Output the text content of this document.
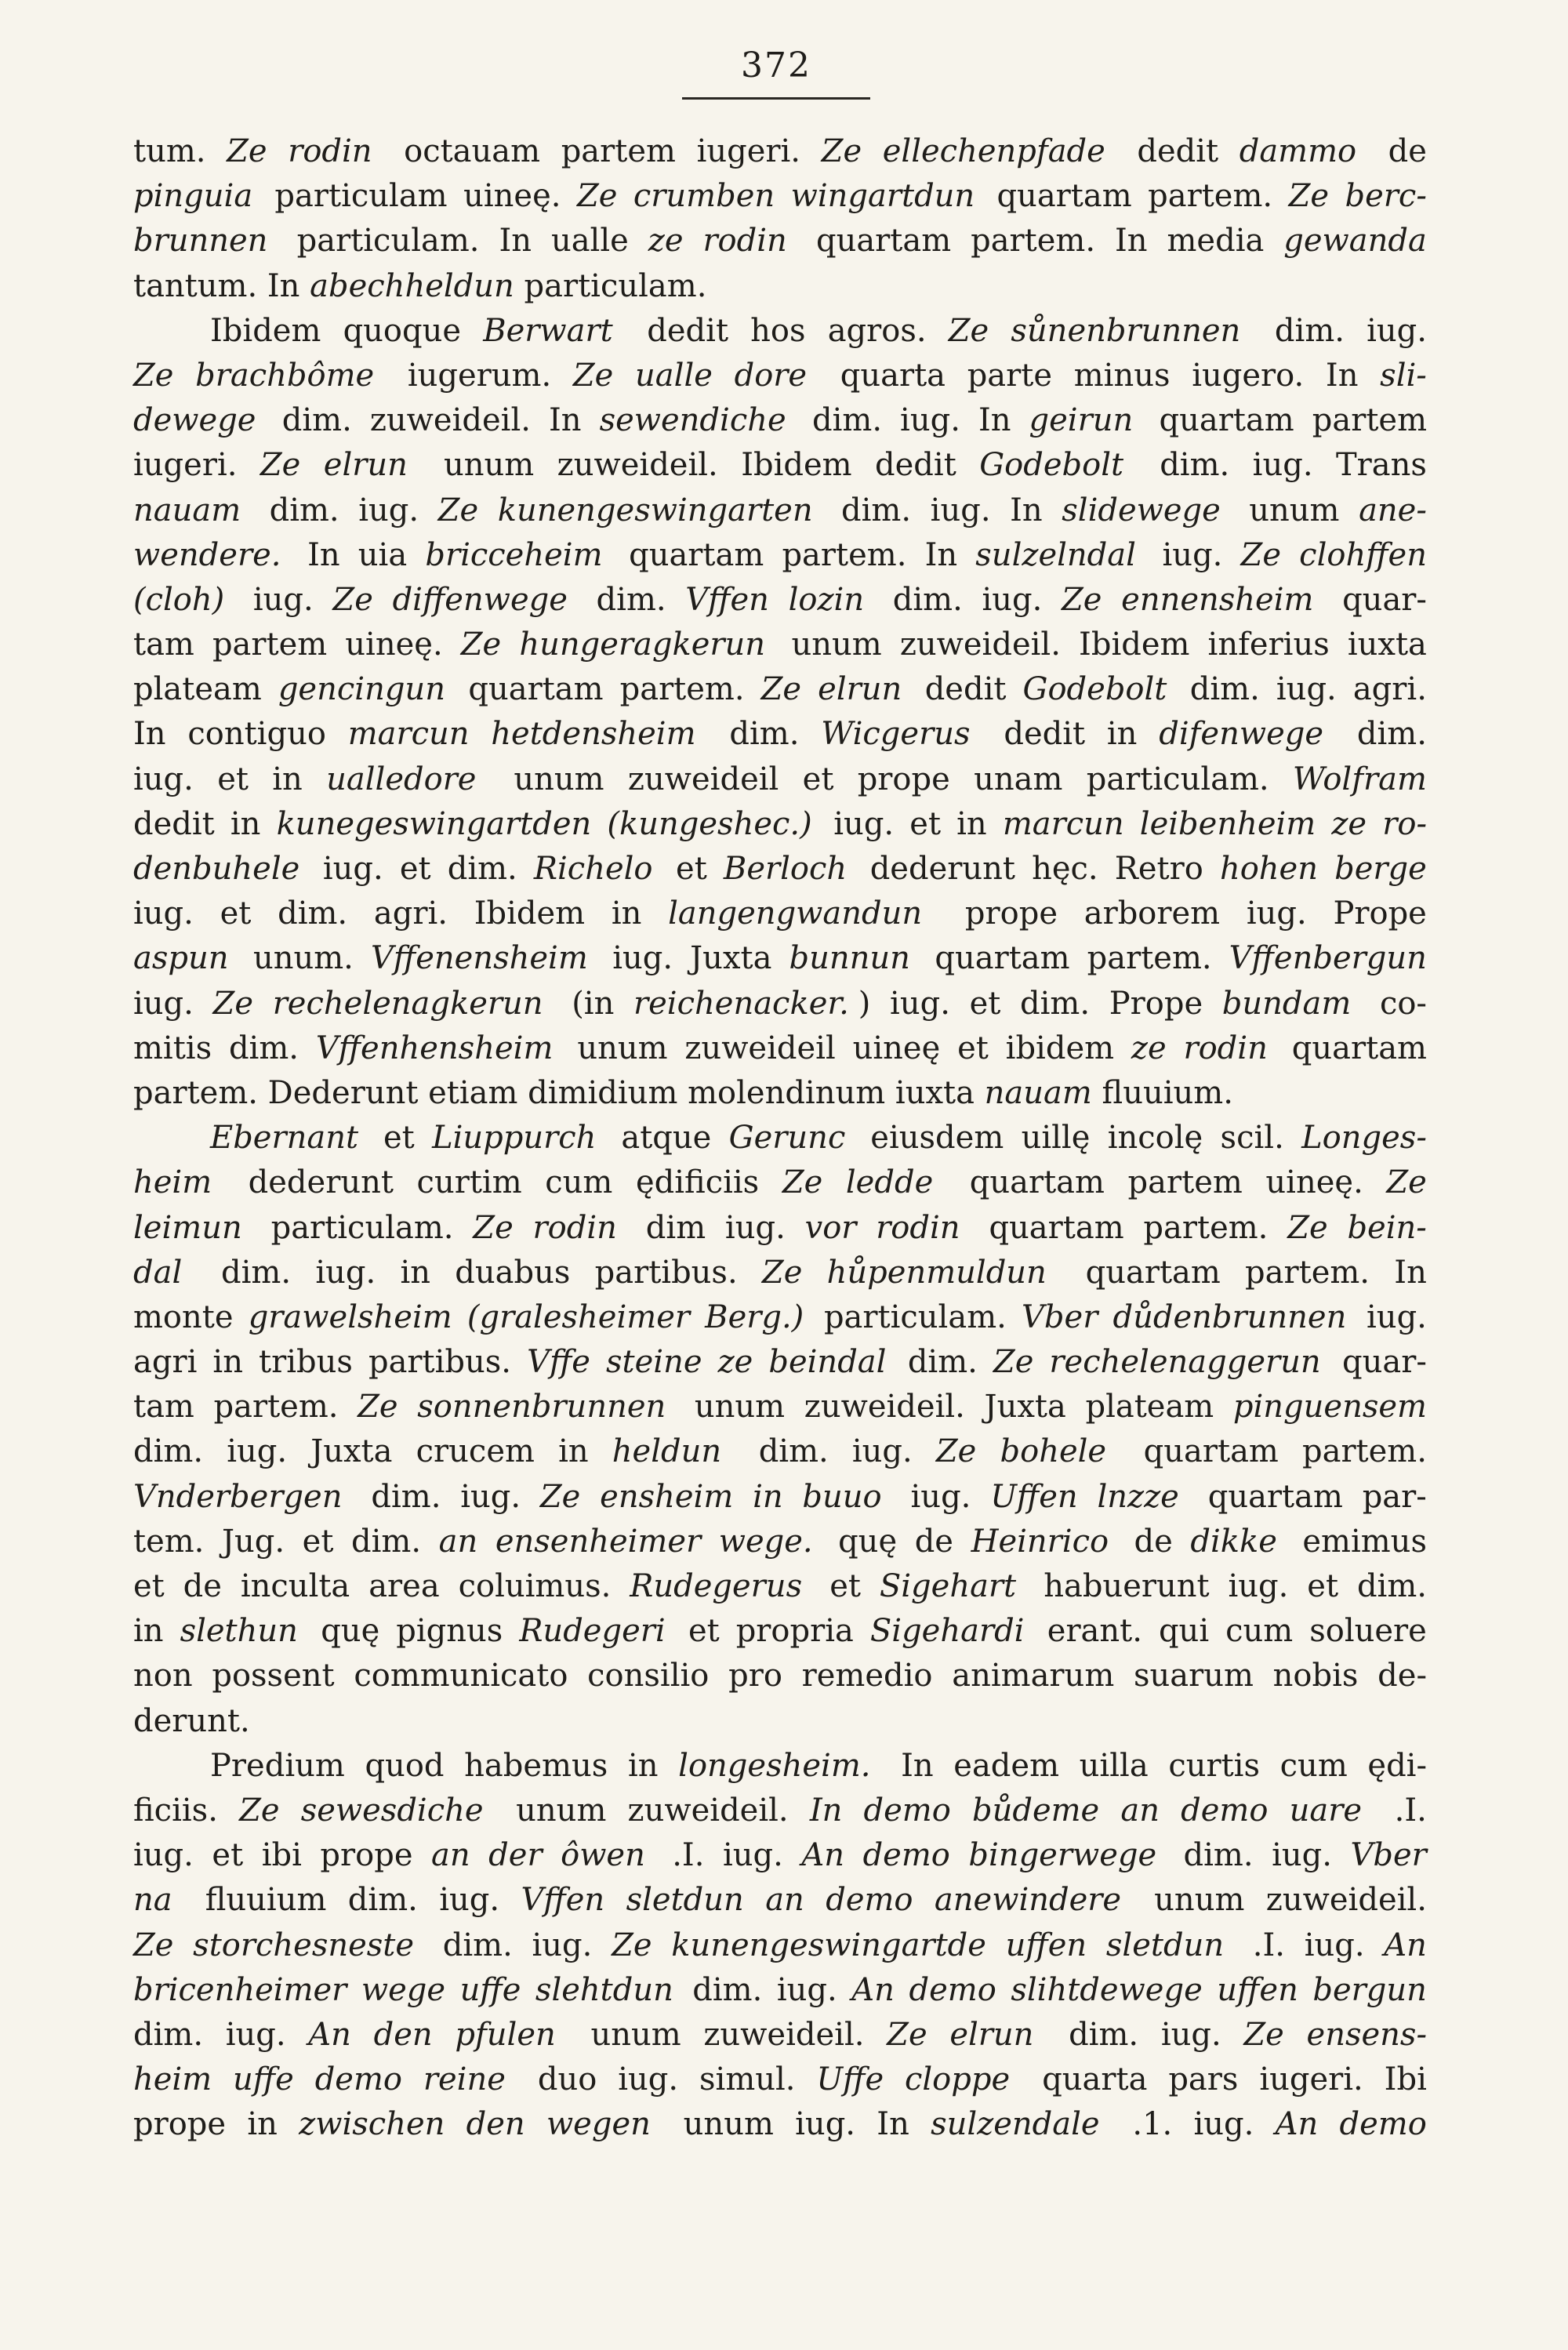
372
tum. Ze rodin
octauam partem iugeri. Ze ellechenpfade
dedit dammo
de
pinguia
particulam uineę. Ze crumben wingartdun
quartam partem. Ze berc-
brunnen
particulam. In ualle ze rodin
quartam partem. In media gewanda
tantum. In abechheldun particulam.
Ibidem quoque Berwart
dedit hos agros. Ze sůnenbrunnen
dim. iug.
Ze brachbôme
iugerum. Ze ualle dore
quarta parte minus iugero. In sli-
dewege
dim. zuweideil. In sewendiche
dim. iug. In geirun
quartam partem
iugeri. Ze elrun
unum zuweideil. Ibidem dedit Godebolt
dim. iug. Trans
nauam
dim. iug. Ze kunengeswingarten
dim. iug. In slidewege
unum ane-
wendere.
In uia bricceheim
quartam partem. In sulzelndal
iug. Ze clohffen
(cloh)
iug. Ze diffenwege
dim. Vffen lozin
dim. iug. Ze ennensheim
quar-
tam partem uineę. Ze hungeragkerun
unum zuweideil. Ibidem inferius iuxta
plateam gencingun
quartam partem. Ze elrun
dedit Godebolt
dim. iug. agri.
In contiguo marcun hetdensheim
dim. Wicgerus
dedit in difenwege
dim.
iug. et in ualledore
unum zuweideil et prope unam particulam. Wolfram
dedit in kunegeswingartden (kungeshec.)
iug. et in marcun leibenheim ze ro-
denbuhele
iug. et dim. Richelo
et Berloch
dederunt hęc. Retro hohen berge
iug. et dim. agri. Ibidem in langengwandun
prope arborem iug. Prope
aspun
unum. Vffenensheim
iug. Juxta bunnun
quartam partem. Vffenbergun
iug. Ze rechelenagkerun
(in reichenacker. ) iug. et dim. Prope bundam
co-
mitis dim. Vffenhensheim
unum zuweideil uineę et ibidem ze rodin
quartam
partem. Dederunt etiam dimidium molendinum iuxta nauam fluuium.
Ebernant
et Liuppurch
atque Gerunc
eiusdem uillę incolę scil. Longes-
heim
dederunt curtim cum ędificiis Ze ledde
quartam partem uineę. Ze
leimun
particulam. Ze rodin
dim iug. vor rodin
quartam partem. Ze bein-
dal
dim. iug. in duabus partibus. Ze hůpenmuldun
quartam partem. In
monte grawelsheim (gralesheimer Berg.)
particulam. Vber důdenbrunnen
iug.
agri in tribus partibus. Vffe steine ze beindal
dim. Ze rechelenaggerun
quar-
tam partem. Ze sonnenbrunnen
unum zuweideil. Juxta plateam pinguensem
dim. iug. Juxta crucem in heldun
dim. iug. Ze bohele
quartam partem.
Vnderbergen
dim. iug. Ze ensheim in buuo
iug. Uffen lnzze
quartam par-
tem. Jug. et dim. an ensenheimer wege.
quę de Heinrico
de dikke
emimus
et de inculta area coluimus. Rudegerus
et Sigehart
habuerunt iug. et dim.
in slethun
quę pignus Rudegeri
et propria Sigehardi
erant. qui cum soluere
non possent communicato consilio pro remedio animarum suarum nobis de-
derunt.
Predium quod habemus in longesheim.
In eadem uilla curtis cum ędi-
ficiis. Ze sewesdiche
unum zuweideil. In demo bůdeme an demo uare
.I.
iug. et ibi prope an der ôwen
.I. iug. An demo bingerwege
dim. iug. Vber
na
fluuium dim. iug. Vffen sletdun an demo anewindere
unum zuweideil.
Ze storchesneste
dim. iug. Ze kunengeswingartde uffen sletdun
.I. iug. An
bricenheimer wege uffe slehtdun
dim. iug. An demo slihtdewege uffen bergun
dim. iug. An den pfulen
unum zuweideil. Ze elrun
dim. iug. Ze ensens-
heim uffe demo reine
duo iug. simul. Uffe cloppe
quarta pars iugeri. Ibi
prope in zwischen den wegen
unum iug. In sulzendale
.1. iug. An demo
